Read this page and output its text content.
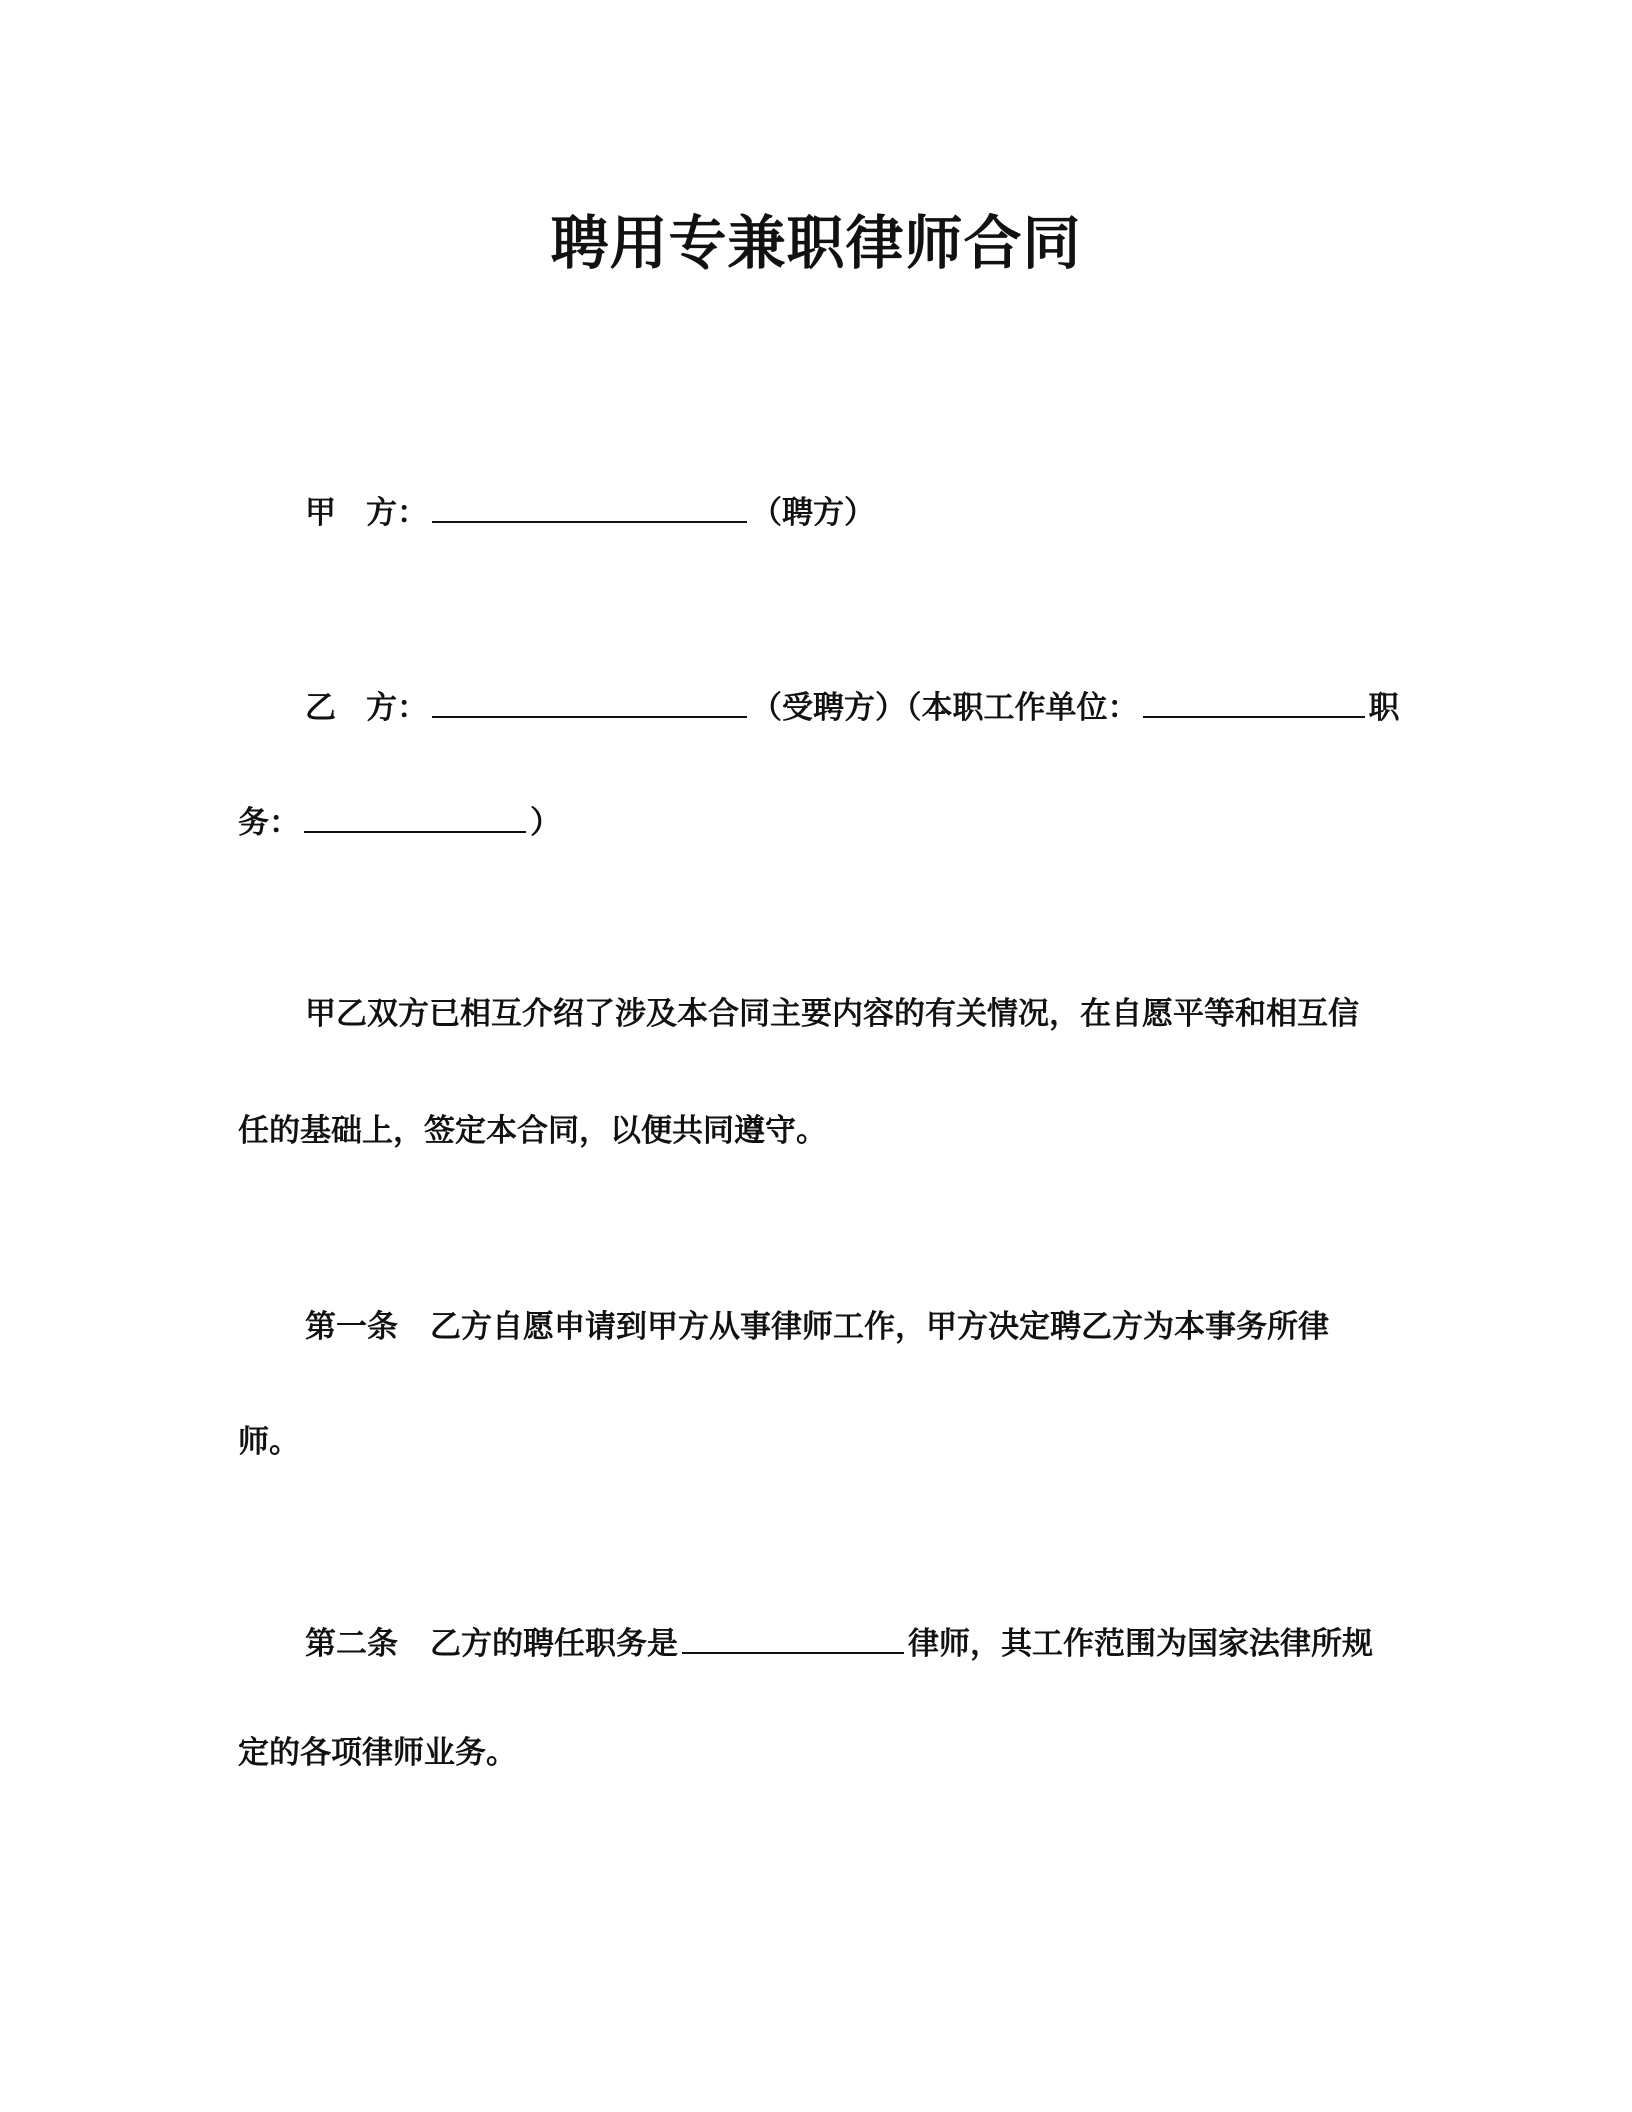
聘用专兼职律师合同
甲 方：	（聘方）
乙 方：	（受聘方）（本职工作单位：	职
务：	）
甲乙双方已相互介绍了涉及本合同主要内容的有关情况，在自愿平等和相互信
任的基础上，签定本合同，以便共同遵守。
第一条 乙方自愿申请到甲方从事律师工作，甲方决定聘乙方为本事务所律
师。
第二条 乙方的聘任职务是	律师，其工作范围为国家法律所规
定的各项律师业务。
